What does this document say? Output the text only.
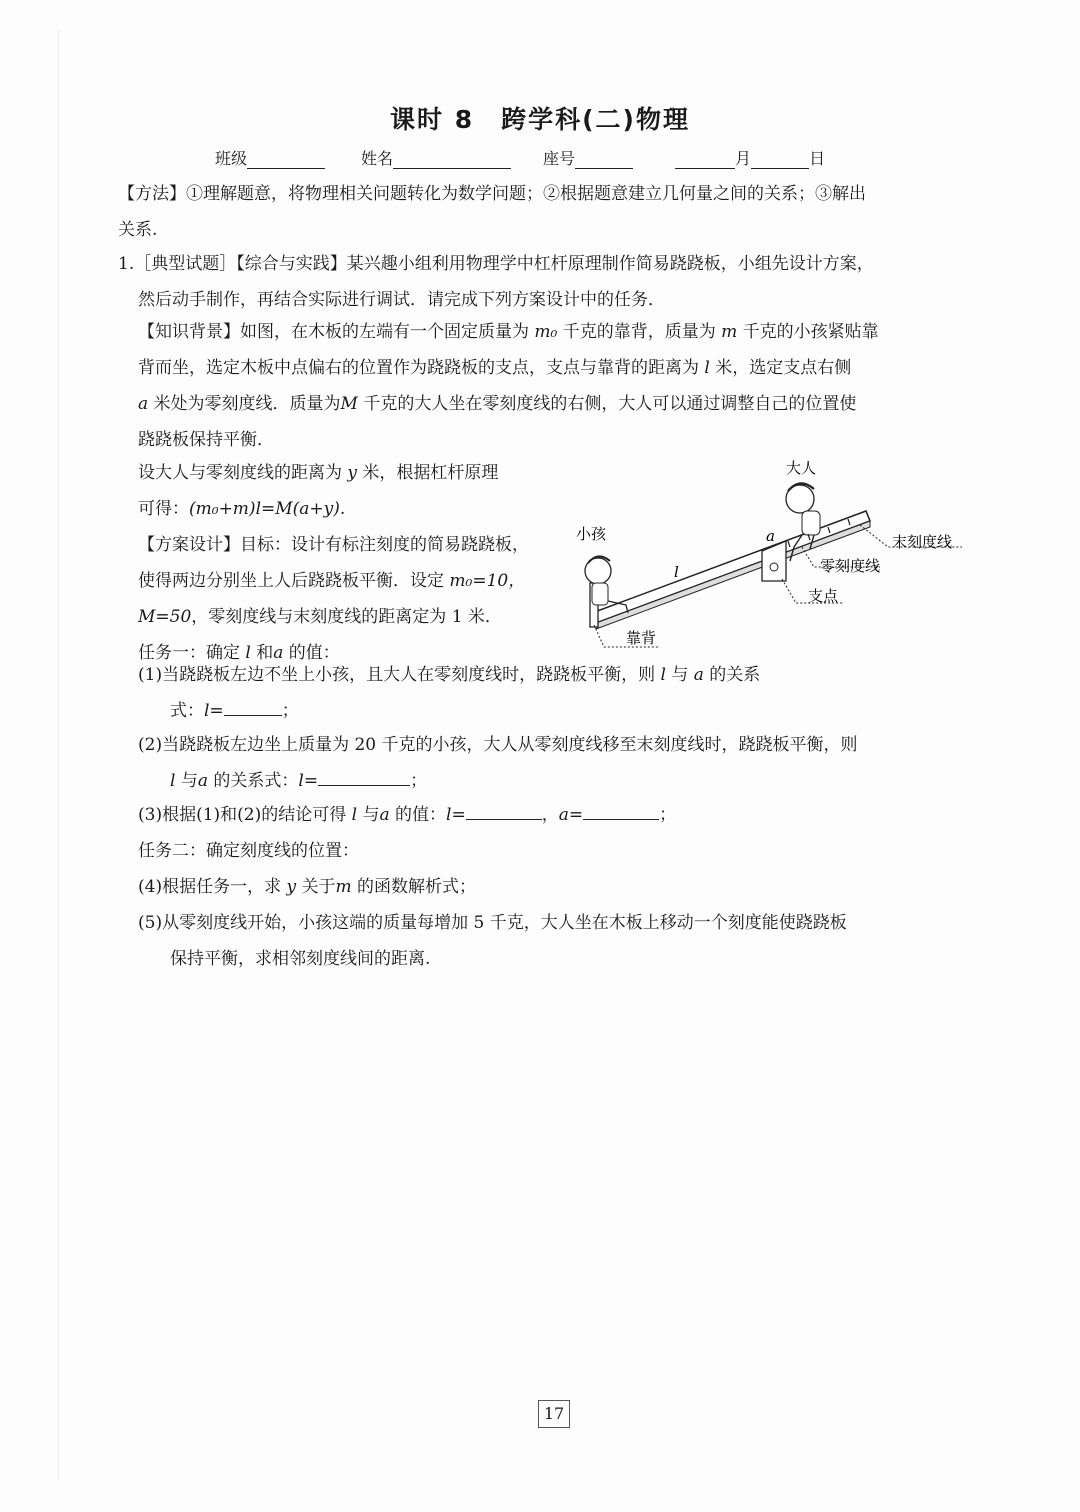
课时 8　跨学科(二)物理
班级	姓名	座号	月	日
【方法】①理解题意，将物理相关问题转化为数学问题；②根据题意建立几何量之间的关系；③解出
关系.
1.［典型试题］【综合与实践】某兴趣小组利用物理学中杠杆原理制作简易跷跷板，小组先设计方案，
然后动手制作，再结合实际进行调试．请完成下列方案设计中的任务．
【知识背景】如图，在木板的左端有一个固定质量为 m₀ 千克的靠背，质量为 m 千克的小孩紧贴靠
背而坐，选定木板中点偏右的位置作为跷跷板的支点，支点与靠背的距离为 l 米，选定支点右侧
a 米处为零刻度线．质量为M 千克的大人坐在零刻度线的右侧，大人可以通过调整自己的位置使
跷跷板保持平衡．
设大人与零刻度线的距离为 y 米，根据杠杆原理
可得：(m₀+m)l=M(a+y).
【方案设计】目标：设计有标注刻度的简易跷跷板，
使得两边分别坐上人后跷跷板平衡．设定 m₀=10，
M=50，零刻度线与末刻度线的距离定为 1 米．
任务一：确定 l 和a 的值：
大人
小孩	末刻度线
零刻度线
支点
靠背
l
a
(1)当跷跷板左边不坐上小孩，且大人在零刻度线时，跷跷板平衡，则 l 与 a 的关系
式：l=	；
(2)当跷跷板左边坐上质量为 20 千克的小孩，大人从零刻度线移至末刻度线时，跷跷板平衡，则
l 与a 的关系式：l=	；
(3)根据(1)和(2)的结论可得 l 与a 的值：l=	，a=	；
任务二：确定刻度线的位置：
(4)根据任务一，求 y 关于m 的函数解析式；
(5)从零刻度线开始，小孩这端的质量每增加 5 千克，大人坐在木板上移动一个刻度能使跷跷板
保持平衡，求相邻刻度线间的距离.
17
